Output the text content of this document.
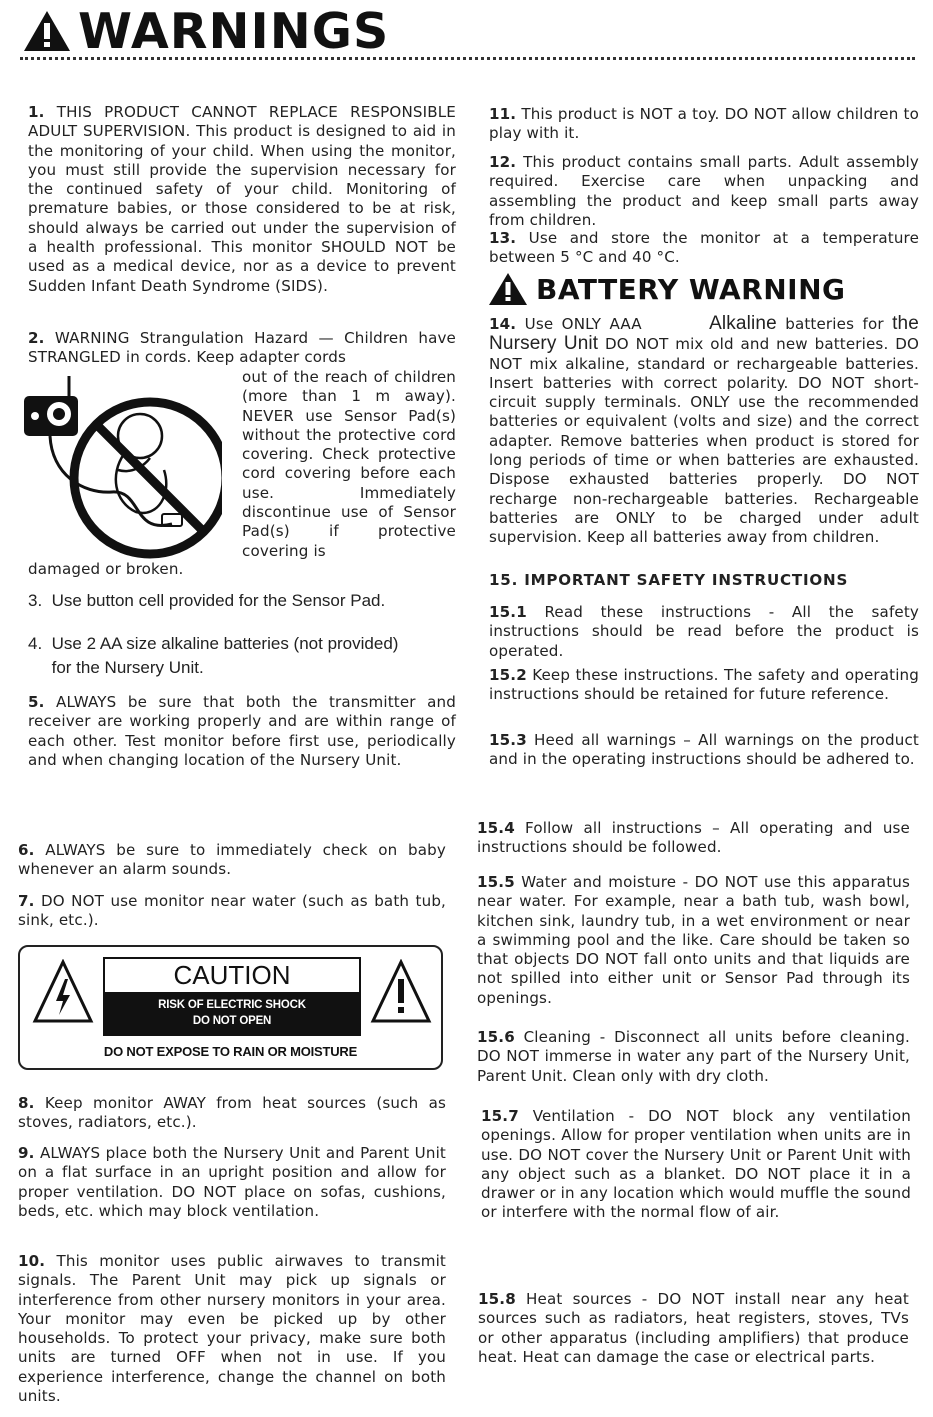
WARNINGS

1. THIS PRODUCT CANNOT REPLACE RESPONSIBLE ADULT SUPERVISION. This product is designed to aid in the monitoring of your child. When using the monitor, you must still provide the supervision necessary for the continued safety of your child. Monitoring of premature babies, or those considered to be at risk, should always be carried out under the supervision of a health professional. This monitor SHOULD NOT be used as a medical device, nor as a device to prevent Sudden Infant Death Syndrome (SIDS).

2. WARNING Strangulation Hazard — Children have STRANGLED in cords. Keep adapter cords

out of the reach of children (more than 1 m away). NEVER use Sensor Pad(s) without the protective cord covering. Check protective cord covering before each use. Immediately discontinue use of Sensor Pad(s) if protective covering is

damaged or broken.

3. Use button cell provided for the Sensor Pad.

4. Use 2 AA size alkaline batteries (not provided)
for the Nursery Unit.

5. ALWAYS be sure that both the transmitter and receiver are working properly and are within range of each other. Test monitor before first use, periodically and when changing location of the Nursery Unit.

6. ALWAYS be sure to immediately check on baby whenever an alarm sounds.

7. DO NOT use monitor near water (such as bath tub, sink, etc.).

CAUTION
RISK OF ELECTRIC SHOCK
DO NOT OPEN
DO NOT EXPOSE TO RAIN OR MOISTURE

8. Keep monitor AWAY from heat sources (such as stoves, radiators, etc.).

9. ALWAYS place both the Nursery Unit and Parent Unit on a flat surface in an upright position and allow for proper ventilation. DO NOT place on sofas, cushions, beds, etc. which may block ventilation.

10. This monitor uses public airwaves to transmit signals. The Parent Unit may pick up signals or interference from other nursery monitors in your area. Your monitor may even be picked up by other households. To protect your privacy, make sure both units are turned OFF when not in use. If you experience interference, change the channel on both units.

11. This product is NOT a toy. DO NOT allow children to play with it.

12. This product contains small parts. Adult assembly required. Exercise care when unpacking and assembling the product and keep small parts away from children.

13. Use and store the monitor at a temperature between 5 °C and 40 °C.

BATTERY WARNING

14. Use ONLY AAA	Alkaline batteries for the Nursery Unit DO NOT mix old and new batteries. DO NOT mix alkaline, standard or rechargeable batteries. Insert batteries with correct polarity. DO NOT short-circuit supply terminals. ONLY use the recommended batteries or equivalent (volts and size) and the correct adapter. Remove batteries when product is stored for long periods of time or when batteries are exhausted. Dispose exhausted batteries properly. DO NOT recharge non-rechargeable batteries. Rechargeable batteries are ONLY to be charged under adult supervision. Keep all batteries away from children.

15. IMPORTANT SAFETY INSTRUCTIONS

15.1 Read these instructions - All the safety instructions should be read before the product is operated.

15.2 Keep these instructions. The safety and operating instructions should be retained for future reference.

15.3 Heed all warnings – All warnings on the product and in the operating instructions should be adhered to.

15.4 Follow all instructions – All operating and use instructions should be followed.

15.5 Water and moisture - DO NOT use this apparatus near water. For example, near a bath tub, wash bowl, kitchen sink, laundry tub, in a wet environment or near a swimming pool and the like. Care should be taken so that objects DO NOT fall onto units and that liquids are not spilled into either unit or Sensor Pad through its openings.

15.6 Cleaning - Disconnect all units before cleaning. DO NOT immerse in water any part of the Nursery Unit, Parent Unit. Clean only with dry cloth.

15.7 Ventilation - DO NOT block any ventilation openings. Allow for proper ventilation when units are in use. DO NOT cover the Nursery Unit or Parent Unit with any object such as a blanket. DO NOT place it in a drawer or in any location which would muffle the sound or interfere with the normal flow of air.

15.8 Heat sources - DO NOT install near any heat sources such as radiators, heat registers, stoves, TVs or other apparatus (including amplifiers) that produce heat. Heat can damage the case or electrical parts.
